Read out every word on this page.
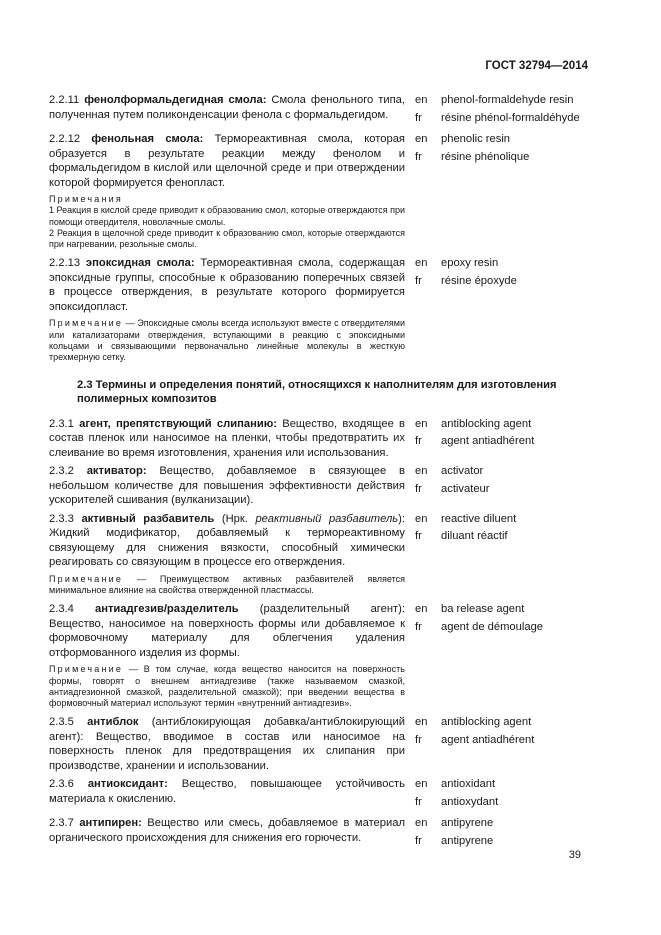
ГОСТ 32794—2014
2.2.11 фенолформальдегидная смола: Смола фенольного типа, полученная путем поликонденсации фенола с формальдегидом.
en	phenol-formaldehyde resin
fr	résine phénol-formaldéhyde
2.2.12 фенольная смола: Термореактивная смола, которая образуется в результате реакции между фенолом и формальдегидом в кислой или щелочной среде и при отверждении которой формируется фенопласт.
en	phenolic resin
fr	résine phénolique
Примечания
1 Реакция в кислой среде приводит к образованию смол, которые отверждаются при помощи отвердителя, новолачные смолы.
2 Реакция в щелочной среде приводит к образованию смол, которые отверждаются при нагревании, резольные смолы.
2.2.13 эпоксидная смола: Термореактивная смола, содержащая эпоксидные группы, способные к образованию поперечных связей в процессе отверждения, в результате которого формируется эпоксидопласт.
en	epoxy resin
fr	résine époxyde
Примечание — Эпоксидные смолы всегда используют вместе с отвердителями или катализаторами отверждения, вступающими в реакцию с эпоксидными кольцами и связывающими первоначально линейные молекулы в жесткую трехмерную сетку.
2.3 Термины и определения понятий, относящихся к наполнителям для изготовления полимерных композитов
2.3.1 агент, препятствующий слипанию: Вещество, входящее в состав пленок или наносимое на пленки, чтобы предотвратить их слеивание во время изготовления, хранения или использования.
en	antiblocking agent
fr	agent antiadhérent
2.3.2 активатор: Вещество, добавляемое в связующее в небольшом количестве для повышения эффективности действия ускорителей сшивания (вулканизации).
en	activator
fr	activateur
2.3.3 активный разбавитель (Нрк. реактивный разбавитель): Жидкий модификатор, добавляемый к термореактивному связующему для снижения вязкости, способный химически реагировать со связующим в процессе его отверждения.
en	reactive diluent
fr	diluant réactif
Примечание — Преимуществом активных разбавителей является минимальное влияние на свойства отвержденной пластмассы.
2.3.4 антиадгезив/разделитель (разделительный агент): Вещество, наносимое на поверхность формы или добавляемое к формовочному материалу для облегчения удаления отформованного изделия из формы.
en	ba release agent
fr	agent de démoulage
Примечание — В том случае, когда вещество наносится на поверхность формы, говорят о внешнем антиадгезиве (также называемом смазкой, антиадгезионной смазкой, разделительной смазкой); при введении вещества в формовочный материал используют термин «внутренний антиадгезив».
2.3.5 антиблок (антиблокирующая добавка/антиблокирующий агент): Вещество, вводимое в состав или наносимое на поверхность пленок для предотвращения их слипания при производстве, хранении и использовании.
en	antiblocking agent
fr	agent antiadhérent
2.3.6 антиоксидант: Вещество, повышающее устойчивость материала к окислению.
en	antioxidant
fr	antioxydant
2.3.7 антипирен: Вещество или смесь, добавляемое в материал органического происхождения для снижения его горючести.
en	antipyrene
fr	antipyrene
39
